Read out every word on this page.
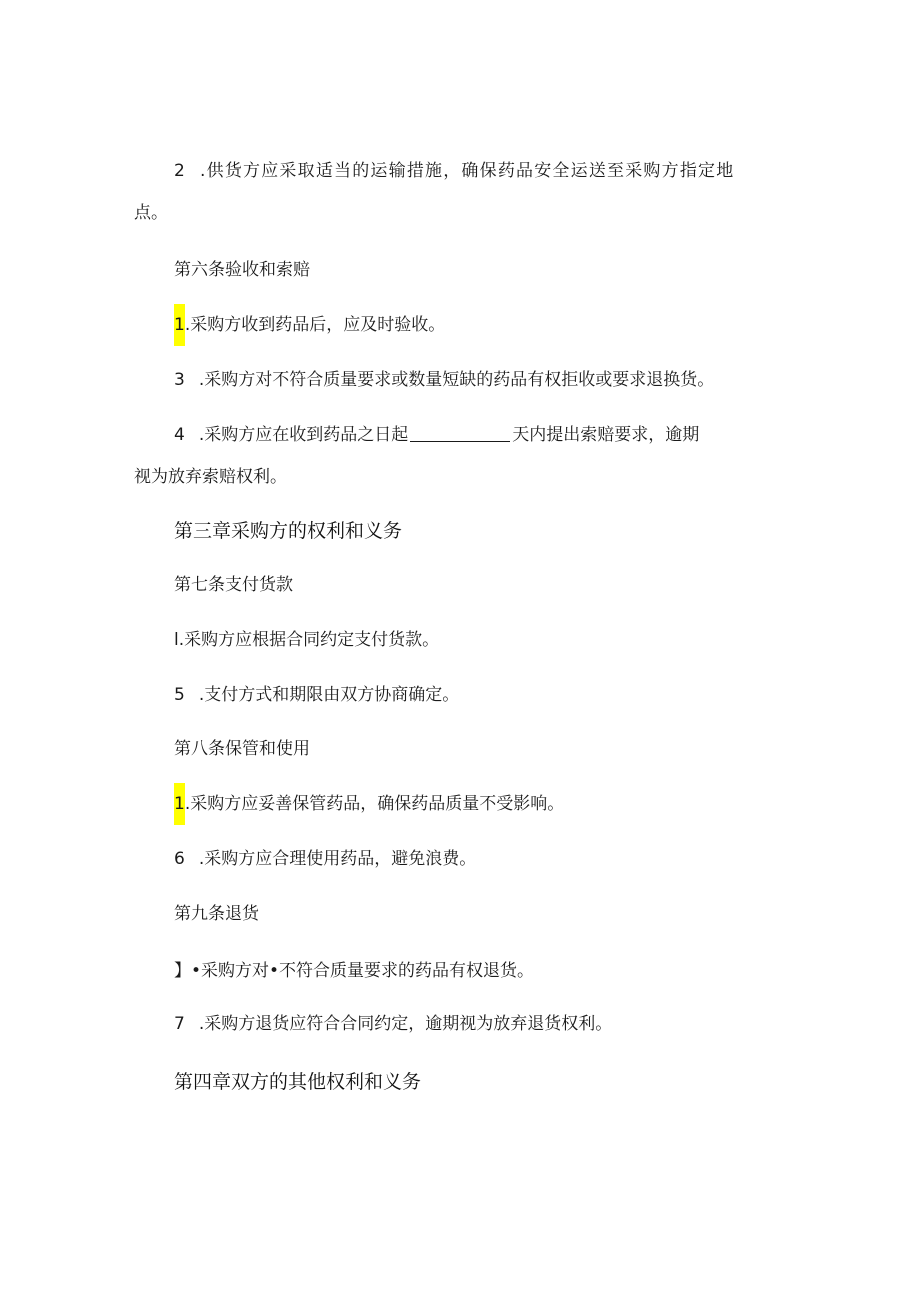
2 .供货方应采取适当的运输措施，确保药品安全运送至采购方指定地
点。
第六条验收和索赔
1.采购方收到药品后，应及时验收。
3 .采购方对不符合质量要求或数量短缺的药品有权拒收或要求退换货。
4 .采购方应在收到药品之日起	天内提出索赔要求，逾期
视为放弃索赔权利。
第三章采购方的权利和义务
第七条支付货款
l.采购方应根据合同约定支付货款。
5 .支付方式和期限由双方协商确定。
第八条保管和使用
1.采购方应妥善保管药品，确保药品质量不受影响。
6 .采购方应合理使用药品，避免浪费。
第九条退货
】•采购方对•不符合质量要求的药品有权退货。
7 .采购方退货应符合合同约定，逾期视为放弃退货权利。
第四章双方的其他权利和义务
